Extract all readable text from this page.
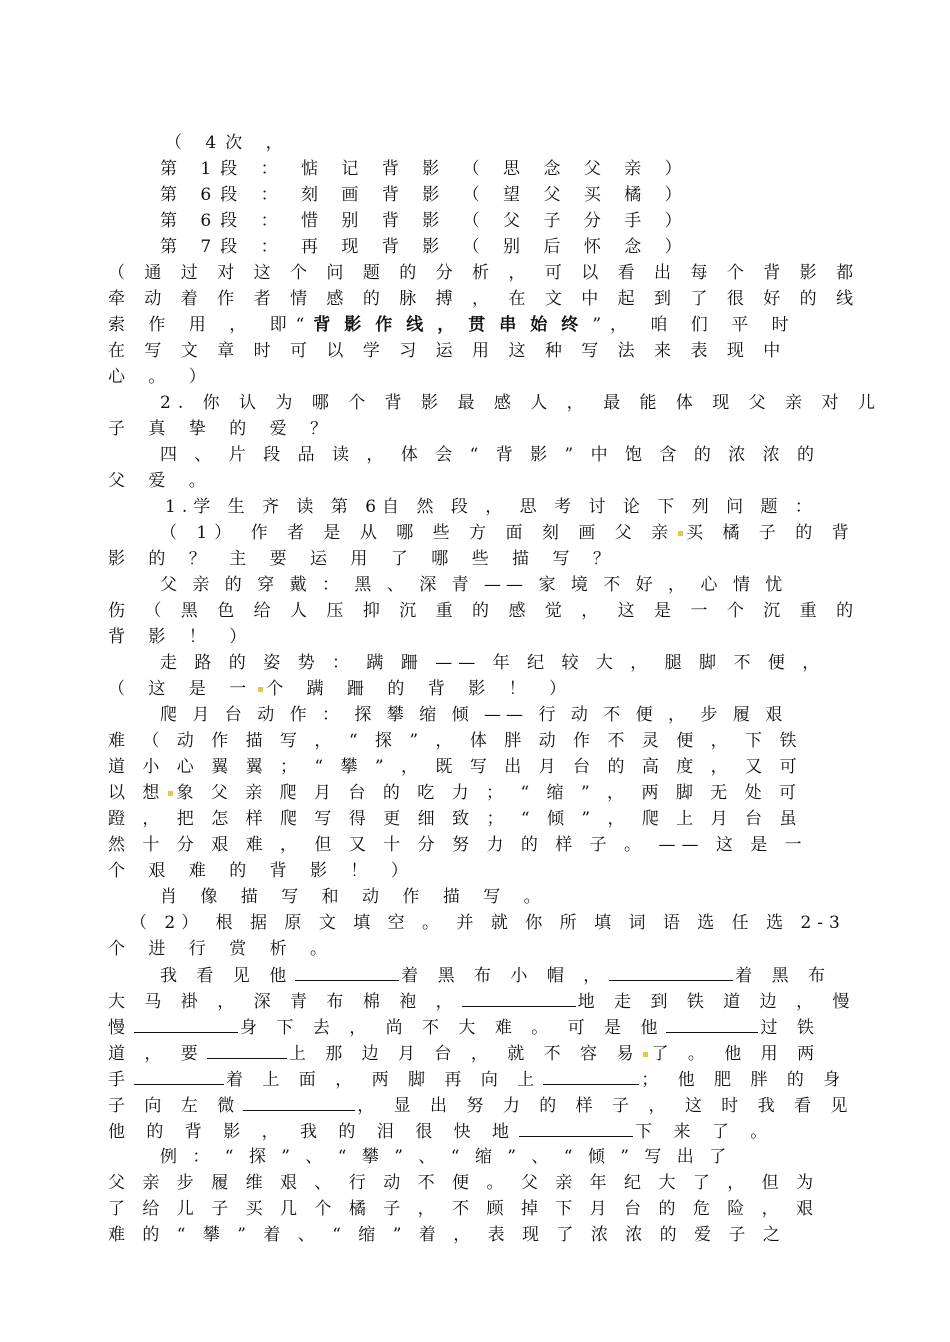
（ 4次 ，
第 1段 ： 惦 记 背 影 （ 思 念 父 亲 ）
第 6段 ： 刻 画 背 影 （ 望 父 买 橘 ）
第 6段 ： 惜 别 背 影 （ 父 子 分 手 ）
第 7段 ： 再 现 背 影 （ 别 后 怀 念 ）
（ 通 过 对 这 个 问 题 的 分 析 ， 可 以 看 出 每 个 背 影 都
牵 动 着 作 者 情 感 的 脉 搏 ， 在 文 中 起 到 了 很 好 的 线
索 作 用 ， 即“背影作线，贯串始终”， 咱 们 平 时
在 写 文 章 时 可 以 学 习 运 用 这 种 写 法 来 表 现 中
心 。 ）
2. 你 认 为 哪 个 背 影 最 感 人 ， 最 能 体 现 父 亲 对 儿
子 真 挚 的 爱 ？
四 、 片 段 品 读 ， 体 会 “ 背 影 ” 中 饱 含 的 浓 浓 的
父 爱 。
1.学 生 齐 读 第 6自 然 段 ， 思 考 讨 论 下 列 问 题 ：
（ 1） 作 者 是 从 哪 些 方 面 刻 画 父 亲 买 橘 子 的 背
影 的 ？ 主 要 运 用 了 哪 些 描 写 ？
父 亲 的 穿 戴 ： 黑 、 深 青 —— 家 境 不 好 ， 心 情 忧
伤 （ 黑 色 给 人 压 抑 沉 重 的 感 觉 ， 这 是 一 个 沉 重 的
背 影 ！ ）
走 路 的 姿 势 ： 蹒 跚 —— 年 纪 较 大 ， 腿 脚 不 便 ，
（ 这 是 一 个 蹒 跚 的 背 影 ！ ）
爬 月 台 动 作 ： 探 攀 缩 倾 —— 行 动 不 便 ， 步 履 艰
难 （ 动 作 描 写 ， “ 探 ” ， 体 胖 动 作 不 灵 便 ， 下 铁
道 小 心 翼 翼 ； “ 攀 ” ， 既 写 出 月 台 的 高 度 ， 又 可
以 想 象 父 亲 爬 月 台 的 吃 力 ； “ 缩 ” ， 两 脚 无 处 可
蹬 ， 把 怎 样 爬 写 得 更 细 致 ； “ 倾 ” ， 爬 上 月 台 虽
然 十 分 艰 难 ， 但 又 十 分 努 力 的 样 子 。 —— 这 是 一
个 艰 难 的 背 影 ！ ）
肖 像 描 写 和 动 作 描 写 。
（ 2） 根 据 原 文 填 空 。 并 就 你 所 填 词 语 选 任 选 2-3
个 进 行 赏 析 。
我 看 见 他	着 黑 布 小 帽 ，	着 黑 布
大 马 褂 ， 深 青 布 棉 袍 ，	地 走 到 铁 道 边 ， 慢
慢	身 下 去 ， 尚 不 大 难 。 可 是 他	过 铁
道 ， 要	上 那 边 月 台 ， 就 不 容 易 了 。 他 用 两
手	着 上 面 ， 两 脚 再 向 上	； 他 肥 胖 的 身
子 向 左 微	， 显 出 努 力 的 样 子 ， 这 时 我 看 见
他 的 背 影 ， 我 的 泪 很 快 地	下 来 了 。
例 ： “ 探 ” 、 “ 攀 ” 、 “ 缩 ” 、 “ 倾 ” 写 出 了
父 亲 步 履 维 艰 、 行 动 不 便 。 父 亲 年 纪 大 了 ， 但 为
了 给 儿 子 买 几 个 橘 子 ， 不 顾 掉 下 月 台 的 危 险 ， 艰
难 的 “ 攀 ” 着 、 “ 缩 ” 着 ， 表 现 了 浓 浓 的 爱 子 之
